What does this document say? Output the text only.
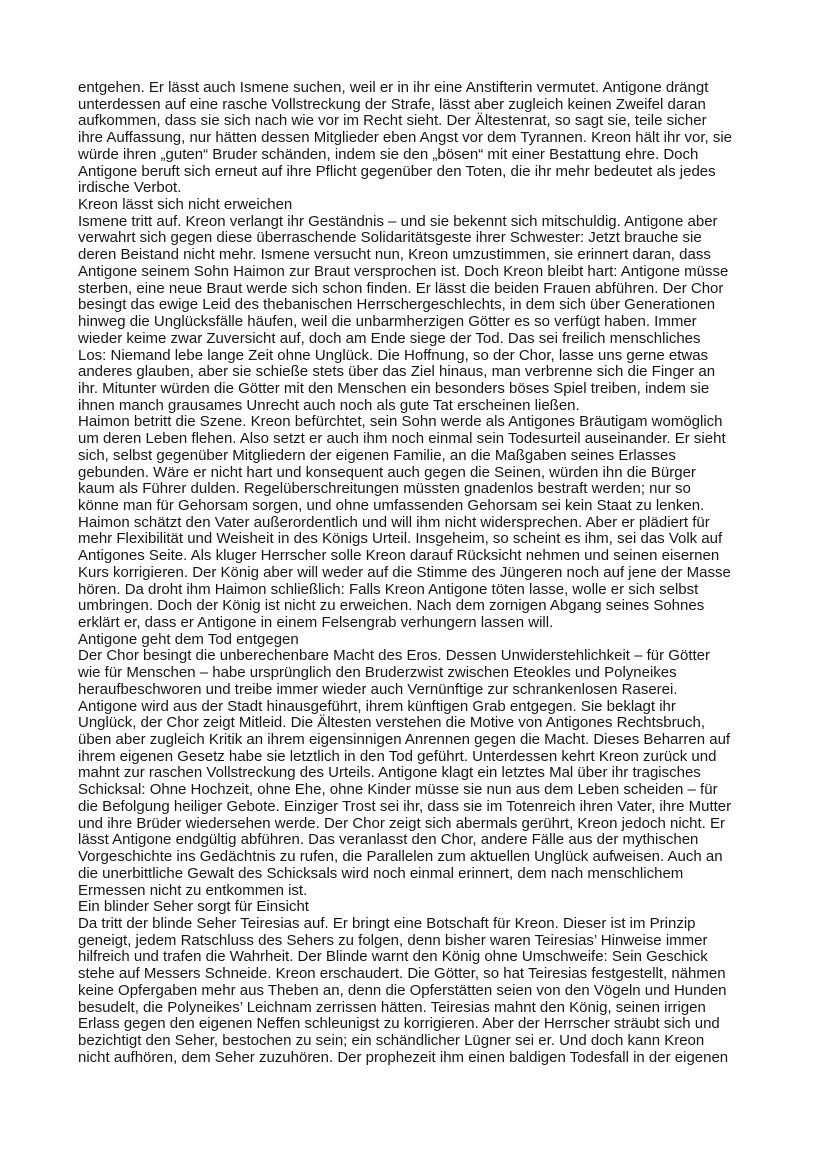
entgehen. Er lässt auch Ismene suchen, weil er in ihr eine Anstifterin vermutet. Antigone drängt
unterdessen auf eine rasche Vollstreckung der Strafe, lässt aber zugleich keinen Zweifel daran
aufkommen, dass sie sich nach wie vor im Recht sieht. Der Ältestenrat, so sagt sie, teile sicher
ihre Auffassung, nur hätten dessen Mitglieder eben Angst vor dem Tyrannen. Kreon hält ihr vor, sie
würde ihren „guten“ Bruder schänden, indem sie den „bösen“ mit einer Bestattung ehre. Doch
Antigone beruft sich erneut auf ihre Pflicht gegenüber den Toten, die ihr mehr bedeutet als jedes
irdische Verbot.
Kreon lässt sich nicht erweichen
Ismene tritt auf. Kreon verlangt ihr Geständnis – und sie bekennt sich mitschuldig. Antigone aber
verwahrt sich gegen diese überraschende Solidaritätsgeste ihrer Schwester: Jetzt brauche sie
deren Beistand nicht mehr. Ismene versucht nun, Kreon umzustimmen, sie erinnert daran, dass
Antigone seinem Sohn Haimon zur Braut versprochen ist. Doch Kreon bleibt hart: Antigone müsse
sterben, eine neue Braut werde sich schon finden. Er lässt die beiden Frauen abführen. Der Chor
besingt das ewige Leid des thebanischen Herrschergeschlechts, in dem sich über Generationen
hinweg die Unglücksfälle häufen, weil die unbarmherzigen Götter es so verfügt haben. Immer
wieder keime zwar Zuversicht auf, doch am Ende siege der Tod. Das sei freilich menschliches
Los: Niemand lebe lange Zeit ohne Unglück. Die Hoffnung, so der Chor, lasse uns gerne etwas
anderes glauben, aber sie schieße stets über das Ziel hinaus, man verbrenne sich die Finger an
ihr. Mitunter würden die Götter mit den Menschen ein besonders böses Spiel treiben, indem sie
ihnen manch grausames Unrecht auch noch als gute Tat erscheinen ließen.
Haimon betritt die Szene. Kreon befürchtet, sein Sohn werde als Antigones Bräutigam womöglich
um deren Leben flehen. Also setzt er auch ihm noch einmal sein Todesurteil auseinander. Er sieht
sich, selbst gegenüber Mitgliedern der eigenen Familie, an die Maßgaben seines Erlasses
gebunden. Wäre er nicht hart und konsequent auch gegen die Seinen, würden ihn die Bürger
kaum als Führer dulden. Regelüberschreitungen müssten gnadenlos bestraft werden; nur so
könne man für Gehorsam sorgen, und ohne umfassenden Gehorsam sei kein Staat zu lenken.
Haimon schätzt den Vater außerordentlich und will ihm nicht widersprechen. Aber er plädiert für
mehr Flexibilität und Weisheit in des Königs Urteil. Insgeheim, so scheint es ihm, sei das Volk auf
Antigones Seite. Als kluger Herrscher solle Kreon darauf Rücksicht nehmen und seinen eisernen
Kurs korrigieren. Der König aber will weder auf die Stimme des Jüngeren noch auf jene der Masse
hören. Da droht ihm Haimon schließlich: Falls Kreon Antigone töten lasse, wolle er sich selbst
umbringen. Doch der König ist nicht zu erweichen. Nach dem zornigen Abgang seines Sohnes
erklärt er, dass er Antigone in einem Felsengrab verhungern lassen will.
Antigone geht dem Tod entgegen
Der Chor besingt die unberechenbare Macht des Eros. Dessen Unwiderstehlichkeit – für Götter
wie für Menschen – habe ursprünglich den Bruderzwist zwischen Eteokles und Polyneikes
heraufbeschworen und treibe immer wieder auch Vernünftige zur schrankenlosen Raserei.
Antigone wird aus der Stadt hinausgeführt, ihrem künftigen Grab entgegen. Sie beklagt ihr
Unglück, der Chor zeigt Mitleid. Die Ältesten verstehen die Motive von Antigones Rechtsbruch,
üben aber zugleich Kritik an ihrem eigensinnigen Anrennen gegen die Macht. Dieses Beharren auf
ihrem eigenen Gesetz habe sie letztlich in den Tod geführt. Unterdessen kehrt Kreon zurück und
mahnt zur raschen Vollstreckung des Urteils. Antigone klagt ein letztes Mal über ihr tragisches
Schicksal: Ohne Hochzeit, ohne Ehe, ohne Kinder müsse sie nun aus dem Leben scheiden – für
die Befolgung heiliger Gebote. Einziger Trost sei ihr, dass sie im Totenreich ihren Vater, ihre Mutter
und ihre Brüder wiedersehen werde. Der Chor zeigt sich abermals gerührt, Kreon jedoch nicht. Er
lässt Antigone endgültig abführen. Das veranlasst den Chor, andere Fälle aus der mythischen
Vorgeschichte ins Gedächtnis zu rufen, die Parallelen zum aktuellen Unglück aufweisen. Auch an
die unerbittliche Gewalt des Schicksals wird noch einmal erinnert, dem nach menschlichem
Ermessen nicht zu entkommen ist.
Ein blinder Seher sorgt für Einsicht
Da tritt der blinde Seher Teiresias auf. Er bringt eine Botschaft für Kreon. Dieser ist im Prinzip
geneigt, jedem Ratschluss des Sehers zu folgen, denn bisher waren Teiresias’ Hinweise immer
hilfreich und trafen die Wahrheit. Der Blinde warnt den König ohne Umschweife: Sein Geschick
stehe auf Messers Schneide. Kreon erschaudert. Die Götter, so hat Teiresias festgestellt, nähmen
keine Opfergaben mehr aus Theben an, denn die Opferstätten seien von den Vögeln und Hunden
besudelt, die Polyneikes’ Leichnam zerrissen hätten. Teiresias mahnt den König, seinen irrigen
Erlass gegen den eigenen Neffen schleunigst zu korrigieren. Aber der Herrscher sträubt sich und
bezichtigt den Seher, bestochen zu sein; ein schändlicher Lügner sei er. Und doch kann Kreon
nicht aufhören, dem Seher zuzuhören. Der prophezeit ihm einen baldigen Todesfall in der eigenen
